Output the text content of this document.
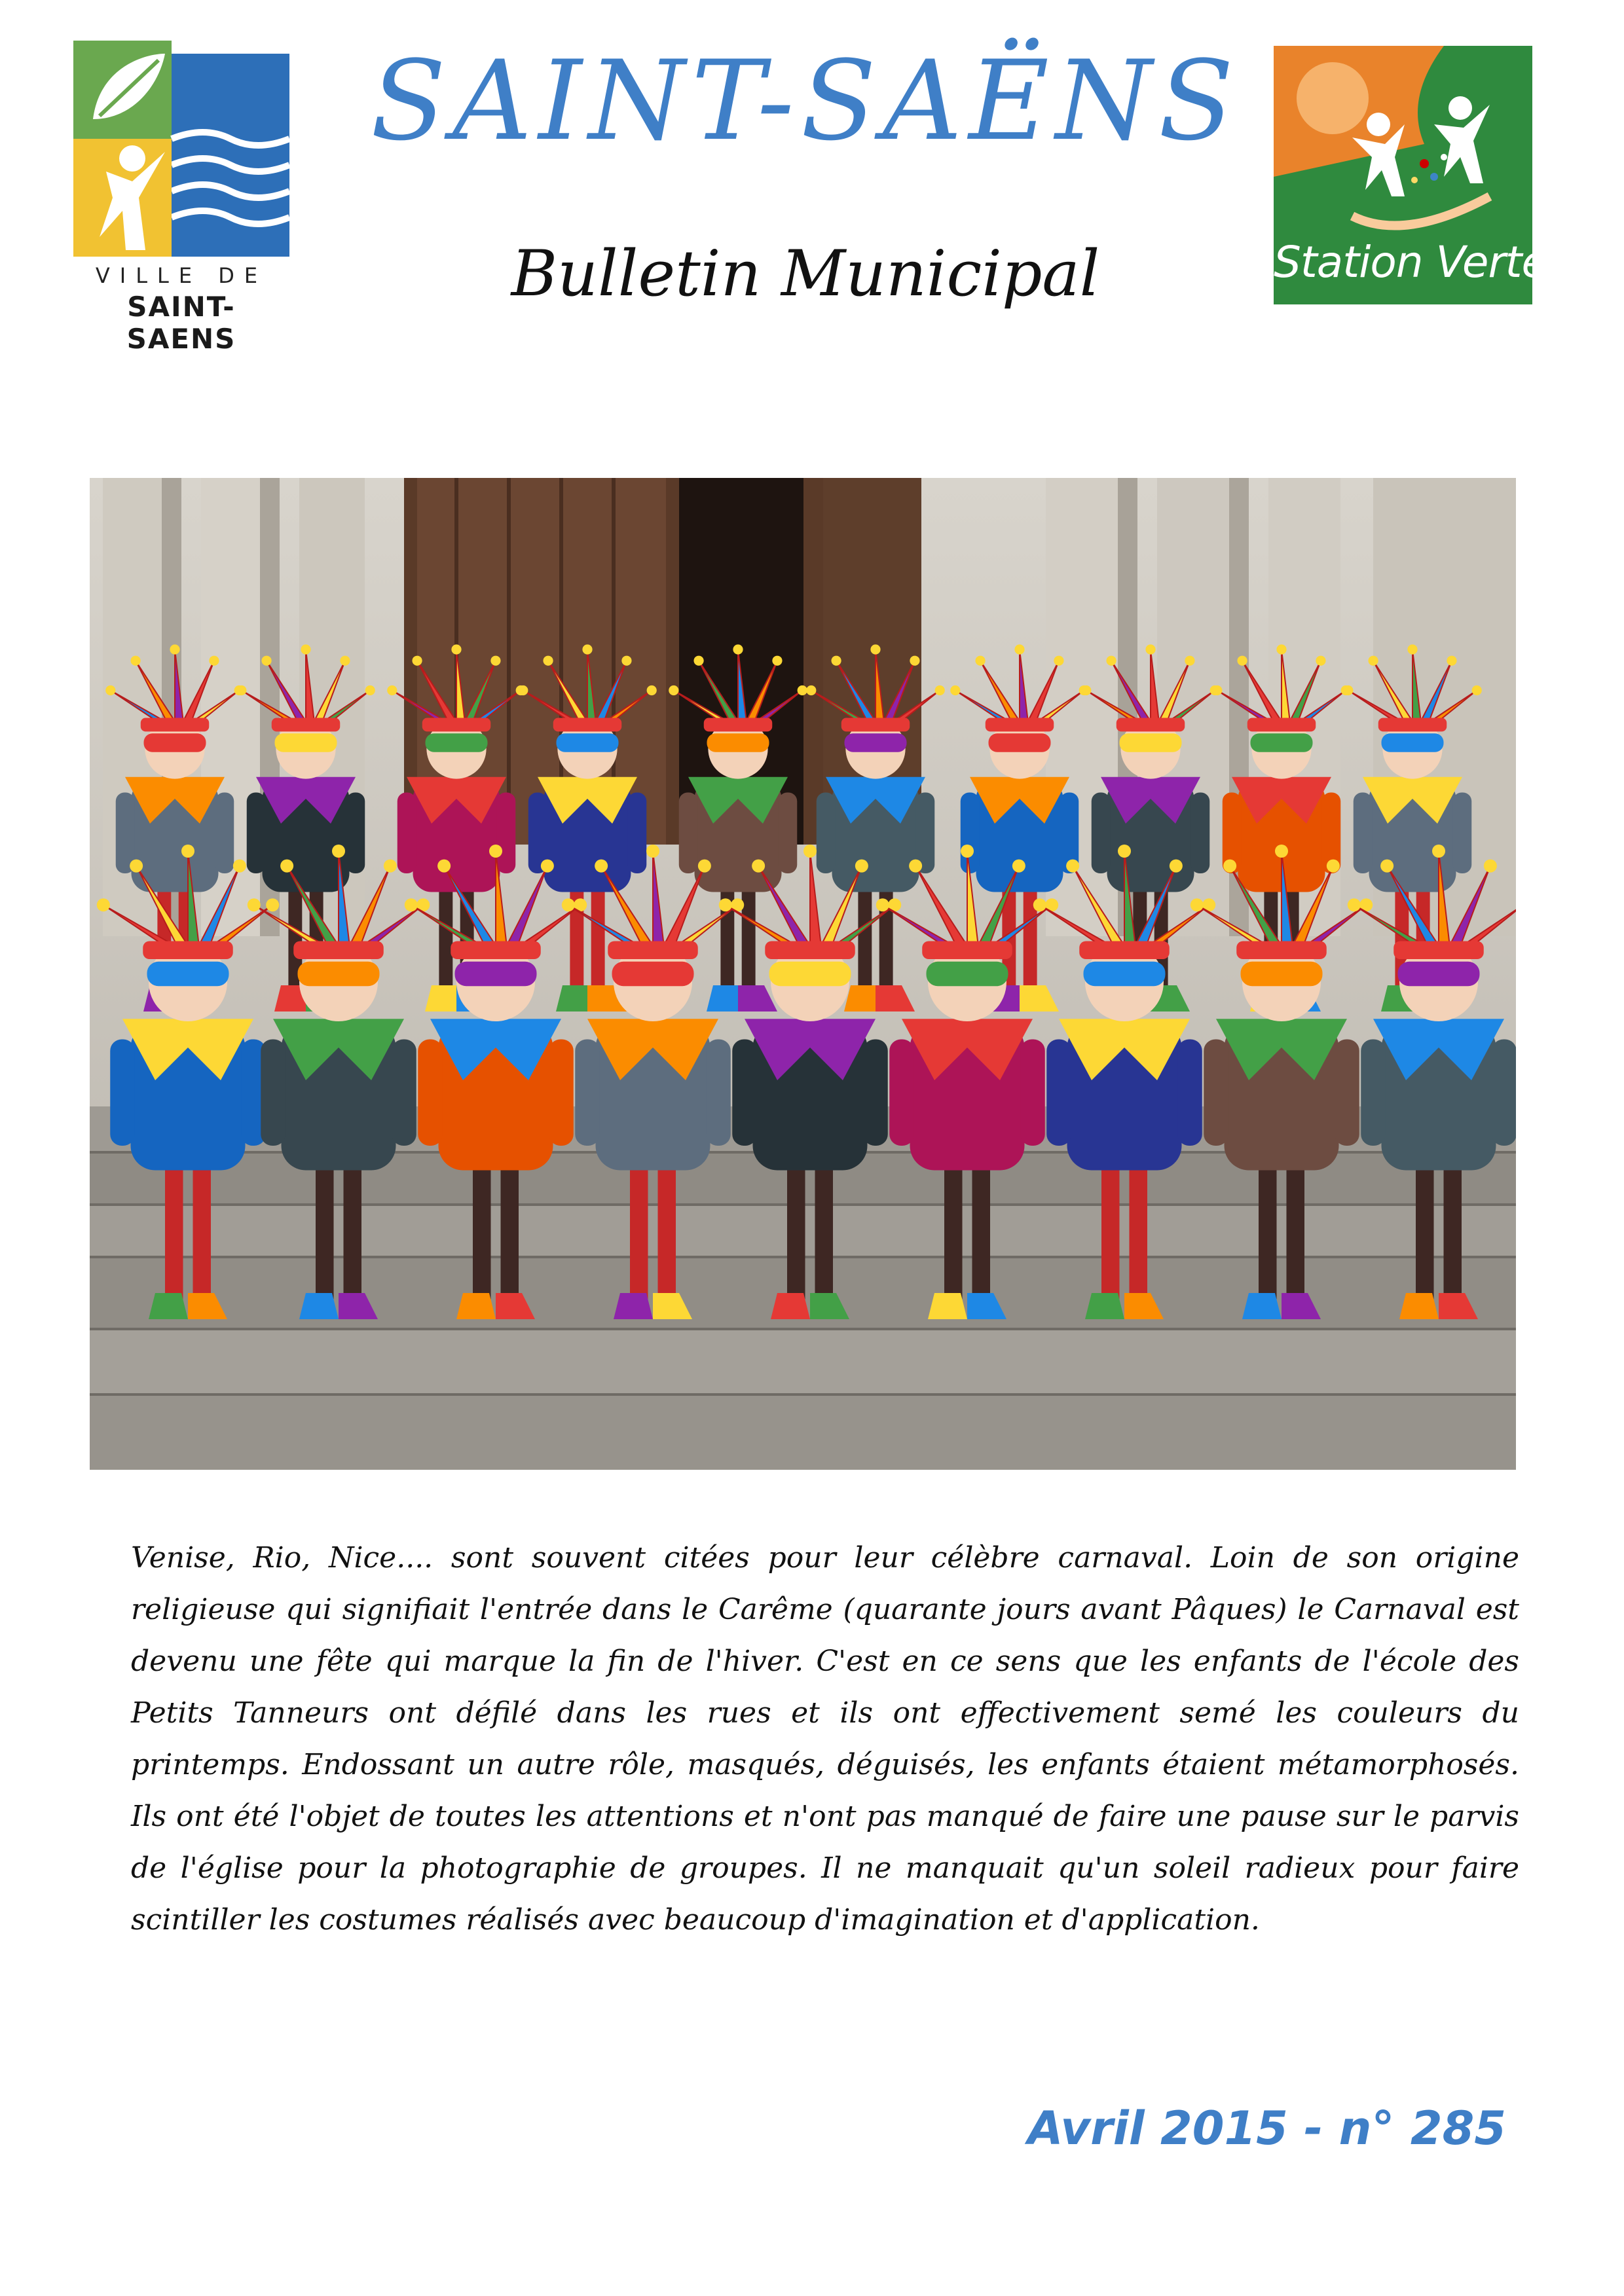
VILLE DE
SAINT-SAENS
SAINT-SAËNS
Bulletin Municipal	Station Verte
Venise, Rio, Nice.... sont souvent citées pour leur célèbre carnaval. Loin de son origine religieuse qui signifiait l'entrée dans le Carême (quarante jours avant Pâques) le Carnaval est devenu une fête qui marque la fin de l'hiver. C'est en ce sens que les enfants de l'école des Petits Tanneurs ont défilé dans les rues et ils ont effectivement semé les couleurs du printemps. Endossant un autre rôle, masqués, déguisés, les enfants étaient métamorphosés. Ils ont été l'objet de toutes les attentions et n'ont pas manqué de faire une pause sur le parvis de l'église pour la photographie de groupes. Il ne manquait qu'un soleil radieux pour faire scintiller les costumes réalisés avec beaucoup d'imagination et d'application.
Avril 2015 - n° 285
